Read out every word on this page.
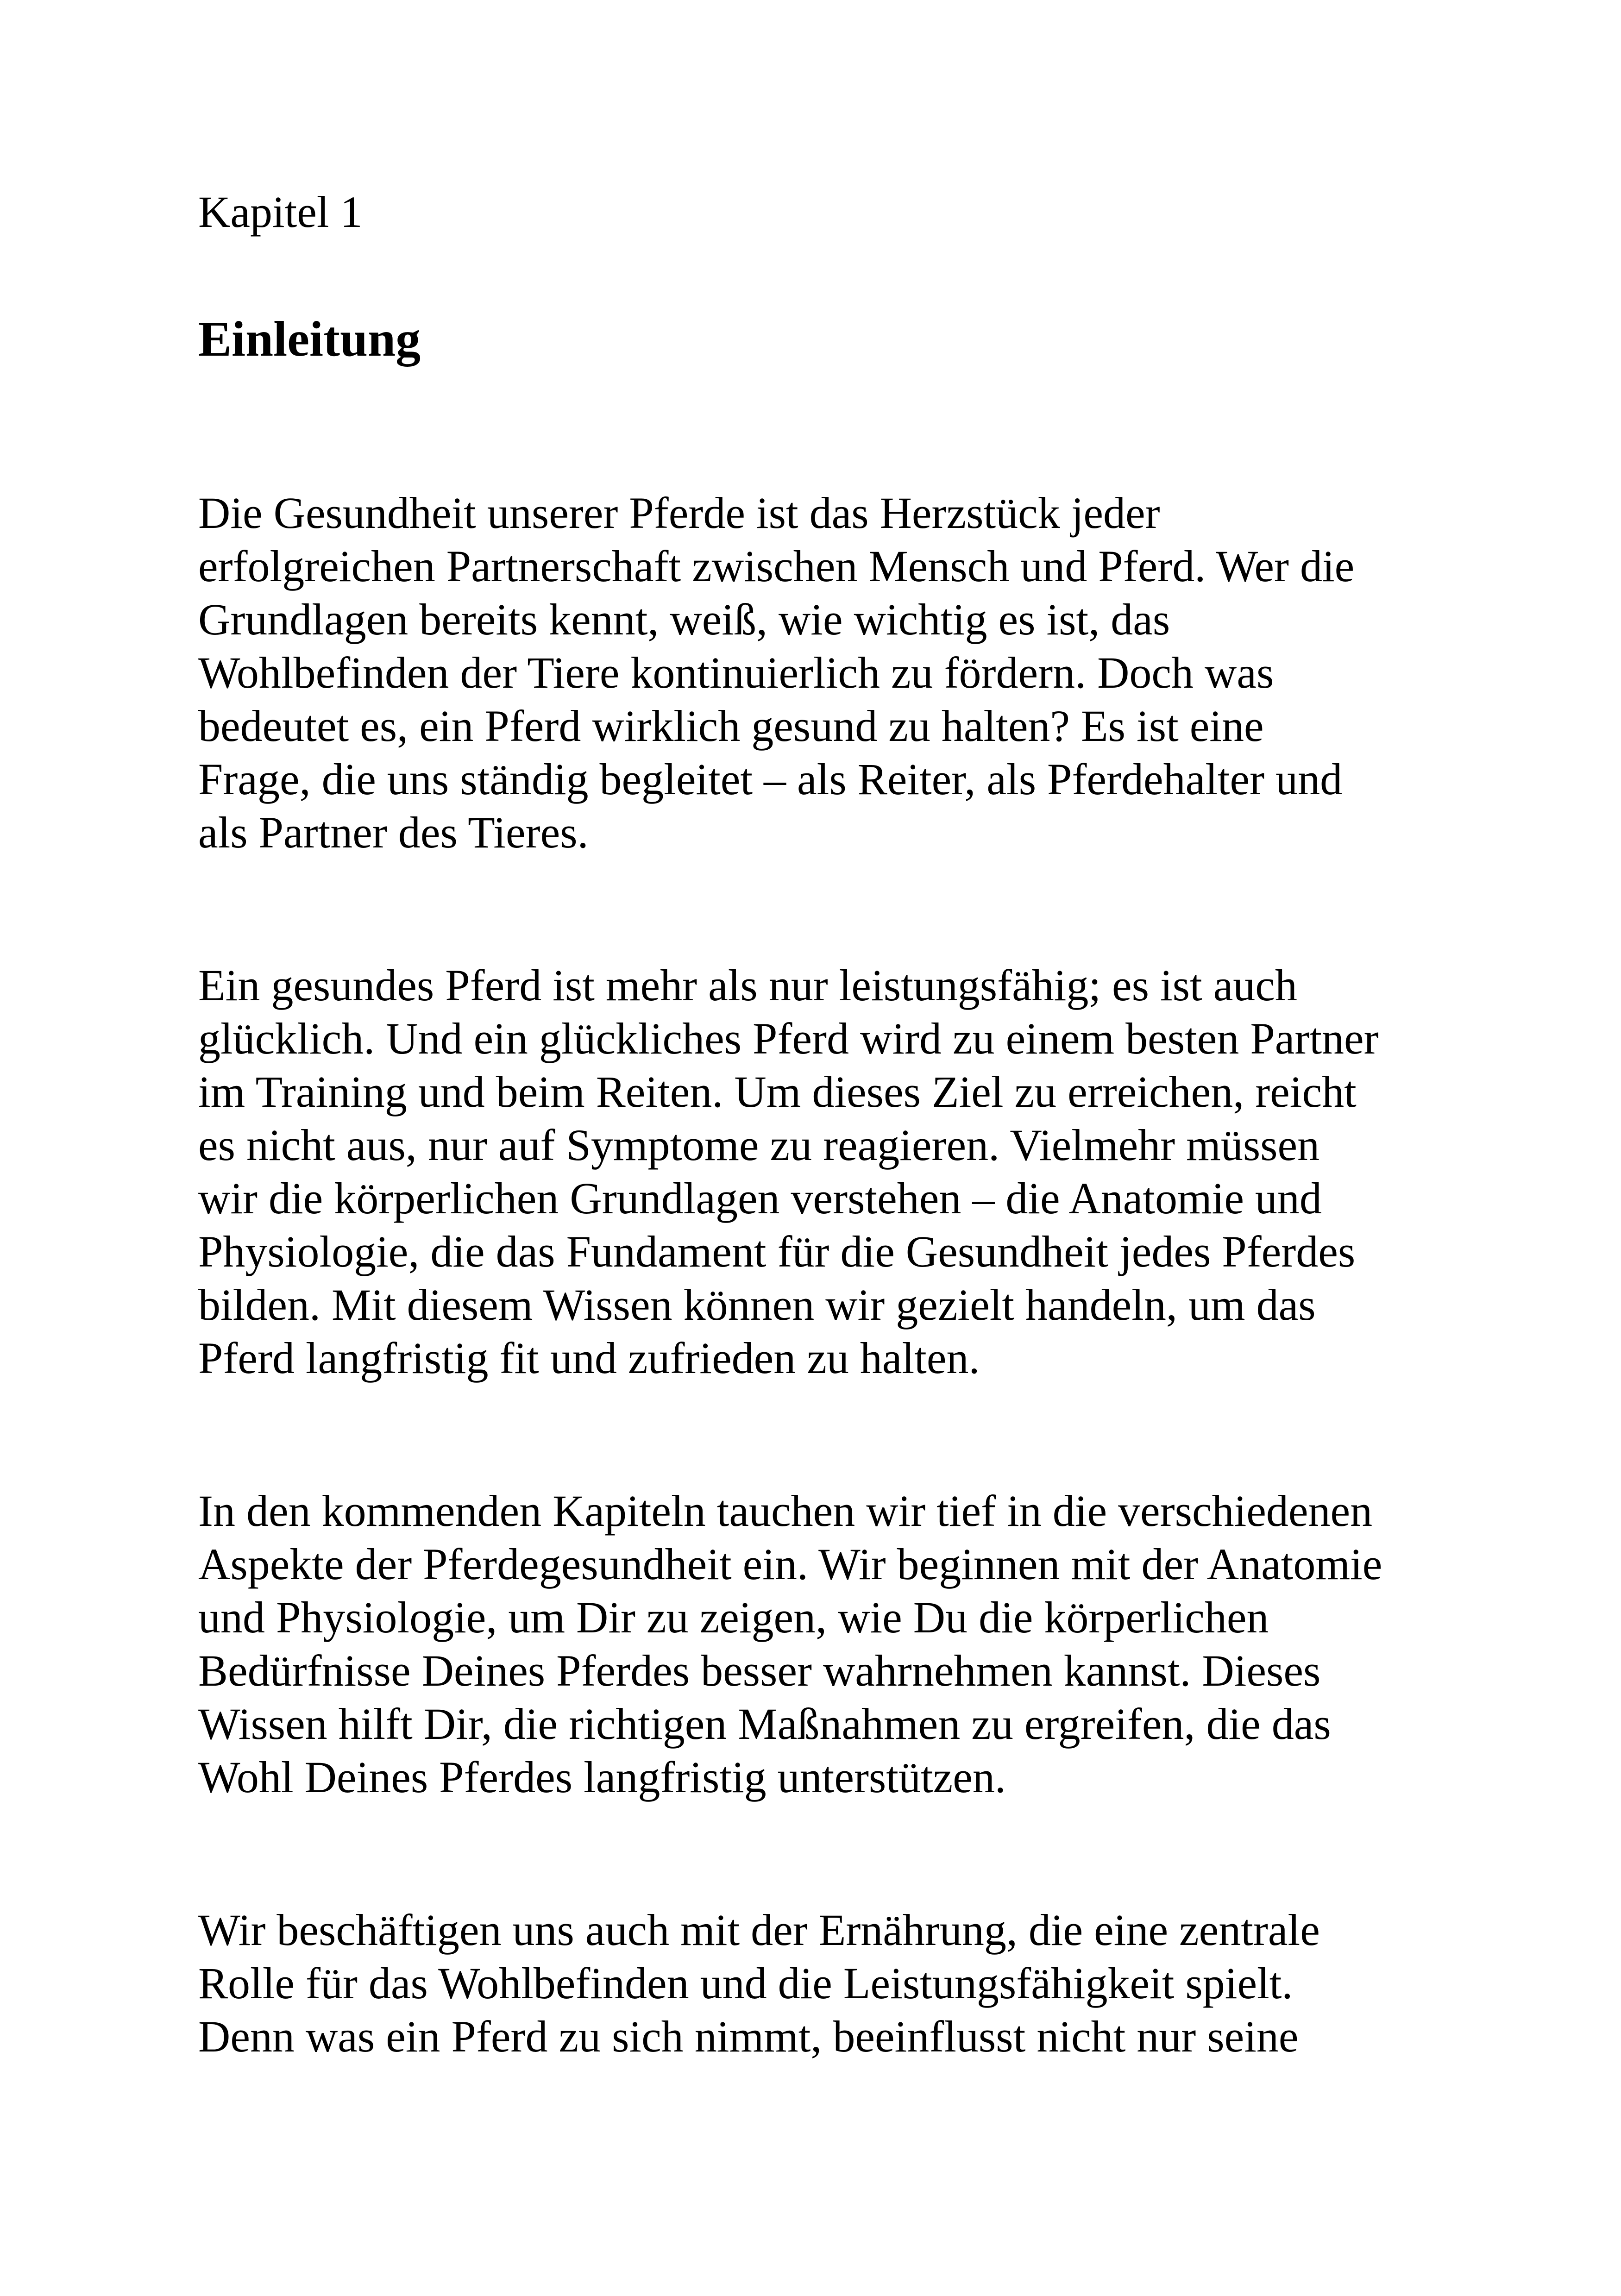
Kapitel 1
Einleitung

Die Gesundheit unserer Pferde ist das Herzstück jeder
erfolgreichen Partnerschaft zwischen Mensch und Pferd. Wer die
Grundlagen bereits kennt, weiß, wie wichtig es ist, das
Wohlbefinden der Tiere kontinuierlich zu fördern. Doch was
bedeutet es, ein Pferd wirklich gesund zu halten? Es ist eine
Frage, die uns ständig begleitet – als Reiter, als Pferdehalter und
als Partner des Tieres.

Ein gesundes Pferd ist mehr als nur leistungsfähig; es ist auch
glücklich. Und ein glückliches Pferd wird zu einem besten Partner
im Training und beim Reiten. Um dieses Ziel zu erreichen, reicht
es nicht aus, nur auf Symptome zu reagieren. Vielmehr müssen
wir die körperlichen Grundlagen verstehen – die Anatomie und
Physiologie, die das Fundament für die Gesundheit jedes Pferdes
bilden. Mit diesem Wissen können wir gezielt handeln, um das
Pferd langfristig fit und zufrieden zu halten.

In den kommenden Kapiteln tauchen wir tief in die verschiedenen
Aspekte der Pferdegesundheit ein. Wir beginnen mit der Anatomie
und Physiologie, um Dir zu zeigen, wie Du die körperlichen
Bedürfnisse Deines Pferdes besser wahrnehmen kannst. Dieses
Wissen hilft Dir, die richtigen Maßnahmen zu ergreifen, die das
Wohl Deines Pferdes langfristig unterstützen.

Wir beschäftigen uns auch mit der Ernährung, die eine zentrale
Rolle für das Wohlbefinden und die Leistungsfähigkeit spielt.
Denn was ein Pferd zu sich nimmt, beeinflusst nicht nur seine
